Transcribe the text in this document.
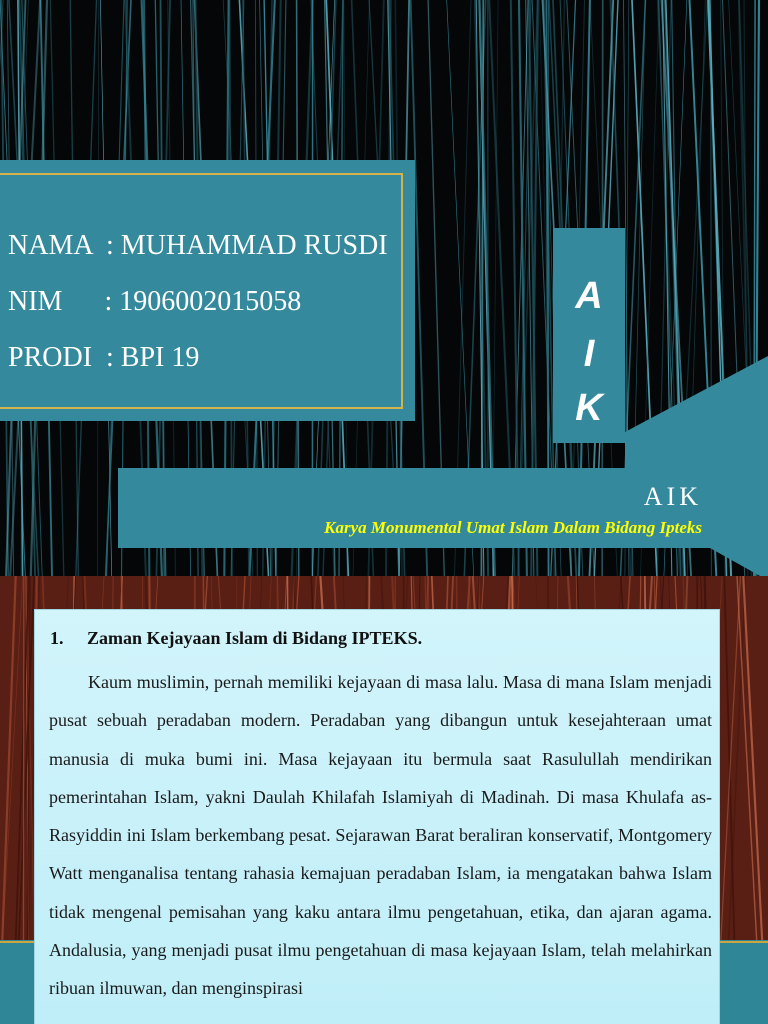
NAMA  : MUHAMMAD RUSDI
NIM      : 1906002015058
PRODI  : BPI 19
A
I
K
AIK
Karya Monumental Umat Islam Dalam Bidang Ipteks
1. Zaman Kejayaan Islam di Bidang IPTEKS.

Kaum muslimin, pernah memiliki kejayaan di masa lalu. Masa di mana Islam menjadi pusat sebuah peradaban modern. Peradaban yang dibangun untuk kesejahteraan umat manusia di muka bumi ini. Masa kejayaan itu bermula saat Rasulullah mendirikan pemerintahan Islam, yakni Daulah Khilafah Islamiyah di Madinah. Di masa Khulafa as-Rasyiddin ini Islam berkembang pesat. Sejarawan Barat beraliran konservatif, Montgomery Watt menganalisa tentang rahasia kemajuan peradaban Islam, ia mengatakan bahwa Islam tidak mengenal pemisahan yang kaku antara ilmu pengetahuan, etika, dan ajaran agama. Andalusia, yang menjadi pusat ilmu pengetahuan di masa kejayaan Islam, telah melahirkan ribuan ilmuwan, dan menginspirasi
